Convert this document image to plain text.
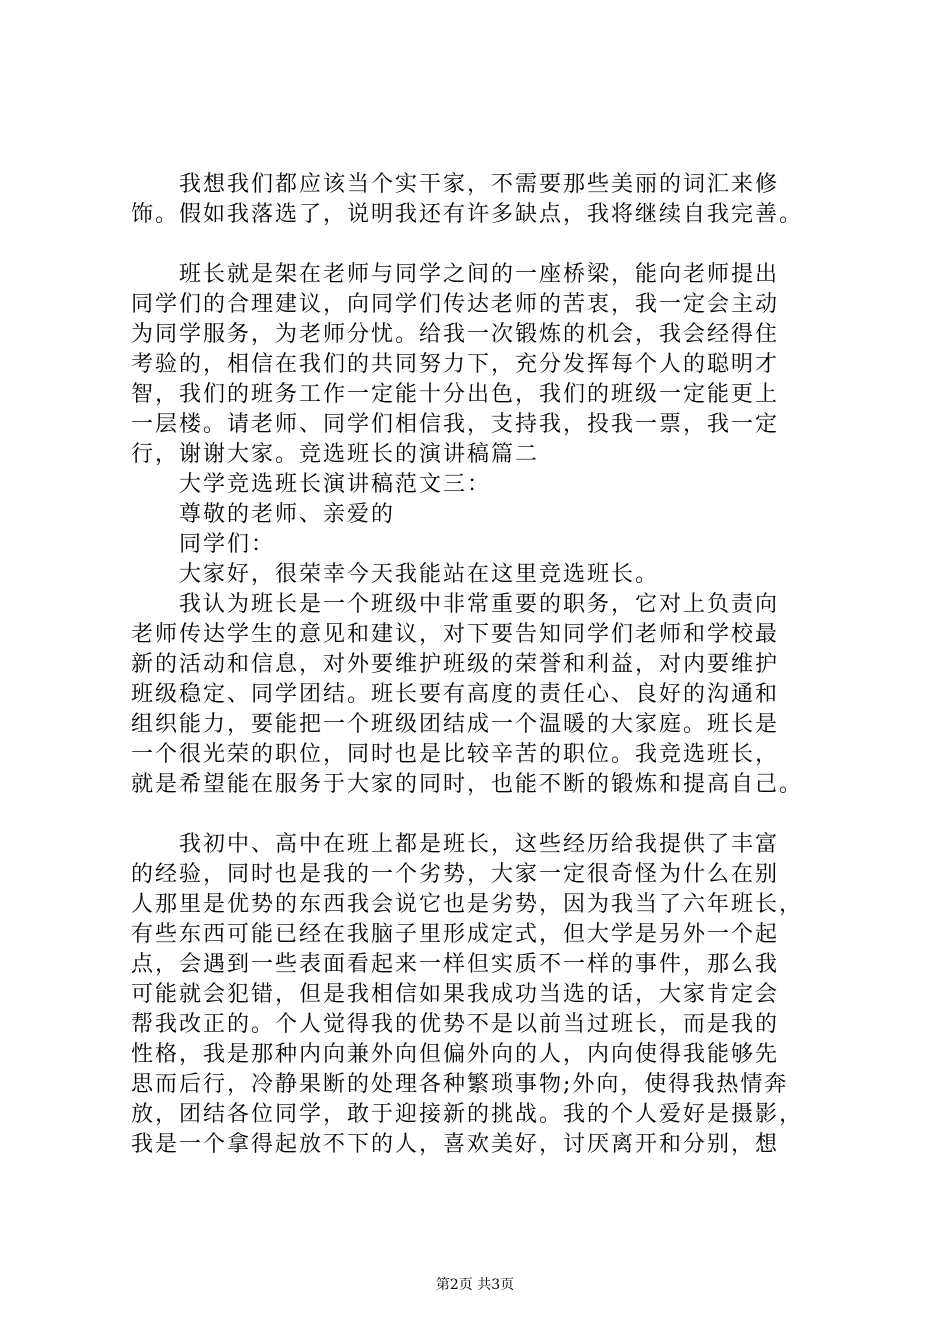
　　我想我们都应该当个实干家，不需要那些美丽的词汇来修
饰。假如我落选了，说明我还有许多缺点，我将继续自我完善。
　　班长就是架在老师与同学之间的一座桥梁，能向老师提出
同学们的合理建议，向同学们传达老师的苦衷，我一定会主动
为同学服务，为老师分忧。给我一次锻炼的机会，我会经得住
考验的，相信在我们的共同努力下，充分发挥每个人的聪明才
智，我们的班务工作一定能十分出色，我们的班级一定能更上
一层楼。请老师、同学们相信我，支持我，投我一票，我一定
行，谢谢大家。竞选班长的演讲稿篇二
　　大学竞选班长演讲稿范文三：
　　尊敬的老师、亲爱的
　　同学们：
　　大家好，很荣幸今天我能站在这里竞选班长。
　　我认为班长是一个班级中非常重要的职务，它对上负责向
老师传达学生的意见和建议，对下要告知同学们老师和学校最
新的活动和信息，对外要维护班级的荣誉和利益，对内要维护
班级稳定、同学团结。班长要有高度的责任心、良好的沟通和
组织能力，要能把一个班级团结成一个温暖的大家庭。班长是
一个很光荣的职位，同时也是比较辛苦的职位。我竞选班长，
就是希望能在服务于大家的同时，也能不断的锻炼和提高自己。
　　我初中、高中在班上都是班长，这些经历给我提供了丰富
的经验，同时也是我的一个劣势，大家一定很奇怪为什么在别
人那里是优势的东西我会说它也是劣势，因为我当了六年班长，
有些东西可能已经在我脑子里形成定式，但大学是另外一个起
点，会遇到一些表面看起来一样但实质不一样的事件，那么我
可能就会犯错，但是我相信如果我成功当选的话，大家肯定会
帮我改正的。个人觉得我的优势不是以前当过班长，而是我的
性格，我是那种内向兼外向但偏外向的人，内向使得我能够先
思而后行，冷静果断的处理各种繁琐事物;外向，使得我热情奔
放，团结各位同学，敢于迎接新的挑战。我的个人爱好是摄影，
我是一个拿得起放不下的人，喜欢美好，讨厌离开和分别，想
第2页 共3页
